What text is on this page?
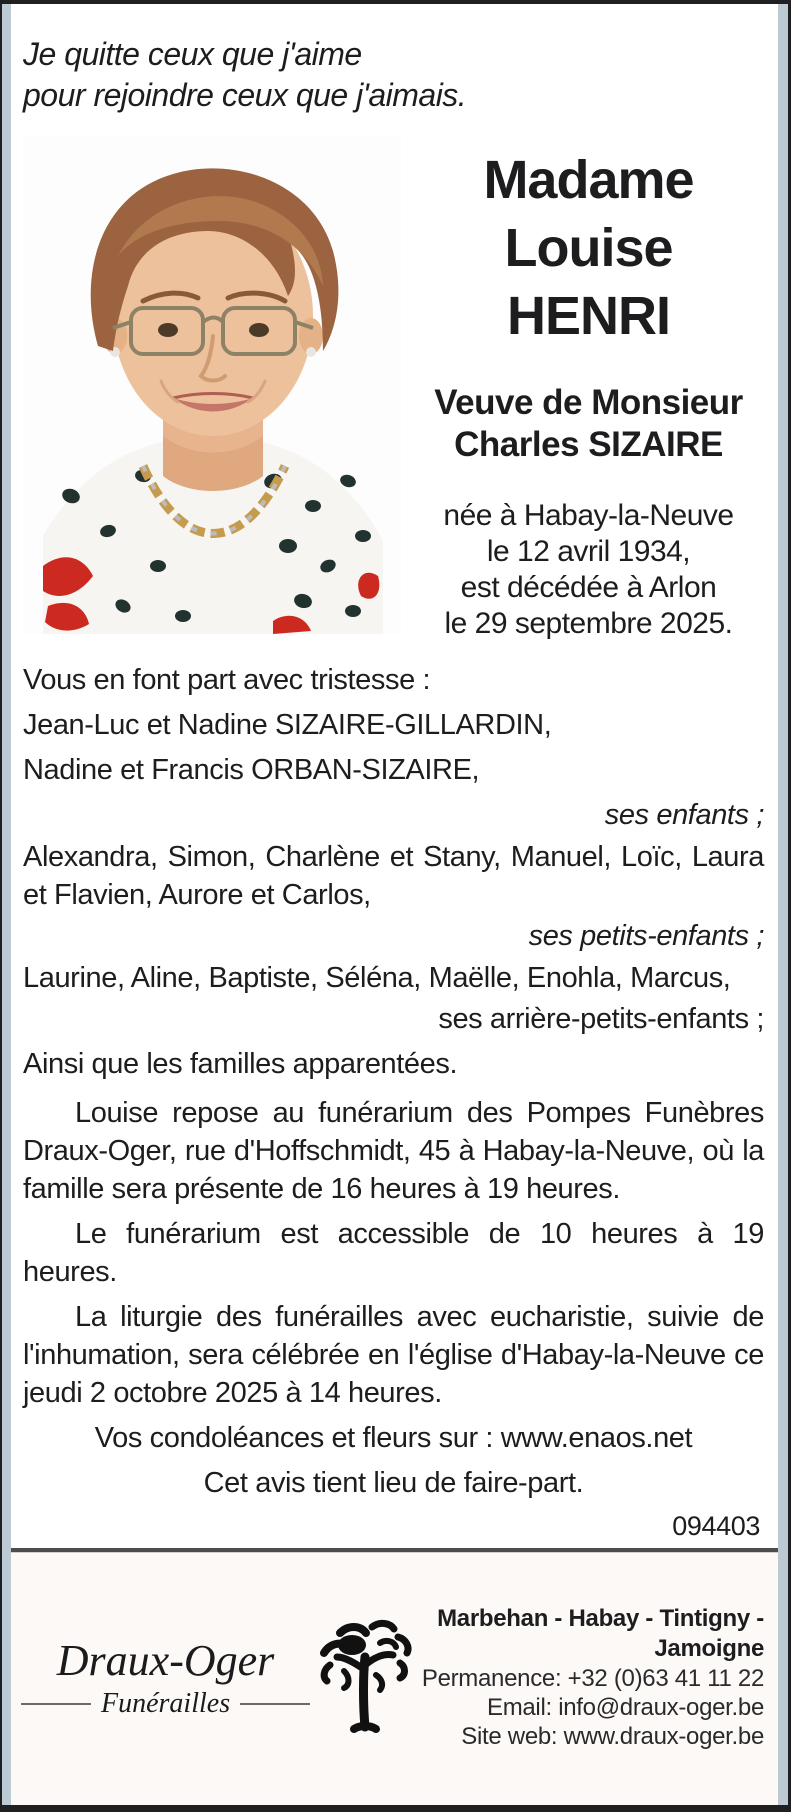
Je quitte ceux que j'aime
pour rejoindre ceux que j'aimais.
Madame
Louise
HENRI
Veuve de Monsieur
Charles SIZAIRE
née à Habay-la-Neuve
le 12 avril 1934,
est décédée à Arlon
le 29 septembre 2025.

Vous en font part avec tristesse :

Jean-Luc et Nadine SIZAIRE-GILLARDIN,

Nadine et Francis ORBAN-SIZAIRE,

ses enfants ;

Alexandra, Simon, Charlène et Stany, Manuel, Loïc, Laura et Flavien, Aurore et Carlos,

ses petits-enfants ;

Laurine, Aline, Baptiste, Séléna, Maëlle, Enohla, Marcus,

ses arrière-petits-enfants ;

Ainsi que les familles apparentées.

Louise repose au funérarium des Pompes Funèbres Draux-Oger, rue d'Hoffschmidt, 45 à Habay-la-Neuve, où la famille sera présente de 16 heures à 19 heures.

Le funérarium est accessible de 10 heures à 19 heures.

La liturgie des funérailles avec eucharistie, suivie de l'inhumation, sera célébrée en l'église d'Habay-la-Neuve ce jeudi 2 octobre 2025 à 14 heures.

Vos condoléances et fleurs sur : www.enaos.net

Cet avis tient lieu de faire-part.

094403

Draux-Oger
Funérailles
Marbehan - Habay - Tintigny - Jamoigne
Permanence: +32 (0)63 41 11 22
Email: info@draux-oger.be
Site web: www.draux-oger.be
